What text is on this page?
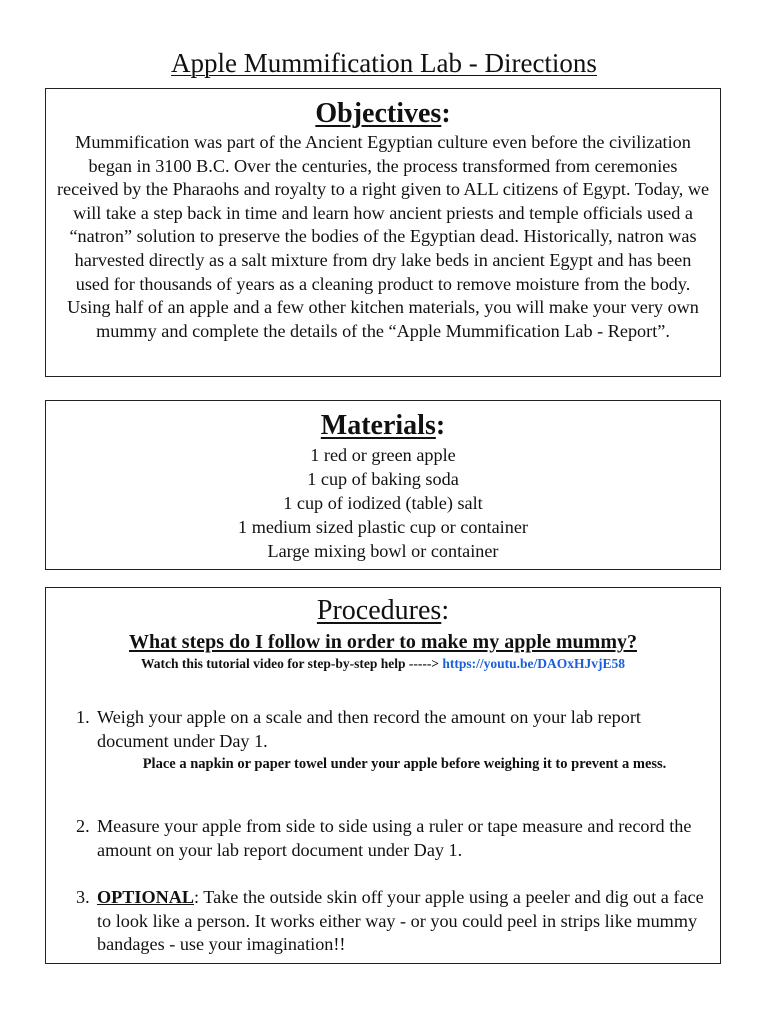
Apple Mummification Lab - Directions
Objectives:

Mummification was part of the Ancient Egyptian culture even before the civilization began in 3100 B.C. Over the centuries, the process transformed from ceremonies received by the Pharaohs and royalty to a right given to ALL citizens of Egypt. Today, we will take a step back in time and learn how ancient priests and temple officials used a “natron” solution to preserve the bodies of the Egyptian dead. Historically, natron was harvested directly as a salt mixture from dry lake beds in ancient Egypt and has been used for thousands of years as a cleaning product to remove moisture from the body. Using half of an apple and a few other kitchen materials, you will make your very own mummy and complete the details of the “Apple Mummification Lab - Report”.

Materials:
1 red or green apple
1 cup of baking soda
1 cup of iodized (table) salt
1 medium sized plastic cup or container
Large mixing bowl or container
Procedures:
What steps do I follow in order to make my apple mummy?
Watch this tutorial video for step-by-step help -----> https://youtu.be/DAOxHJvjE58
1. Weigh your apple on a scale and then record the amount on your lab report document under Day 1.
Place a napkin or paper towel under your apple before weighing it to prevent a mess.
2. Measure your apple from side to side using a ruler or tape measure and record the amount on your lab report document under Day 1.
3. OPTIONAL: Take the outside skin off your apple using a peeler and dig out a face to look like a person. It works either way - or you could peel in strips like mummy bandages - use your imagination!!
